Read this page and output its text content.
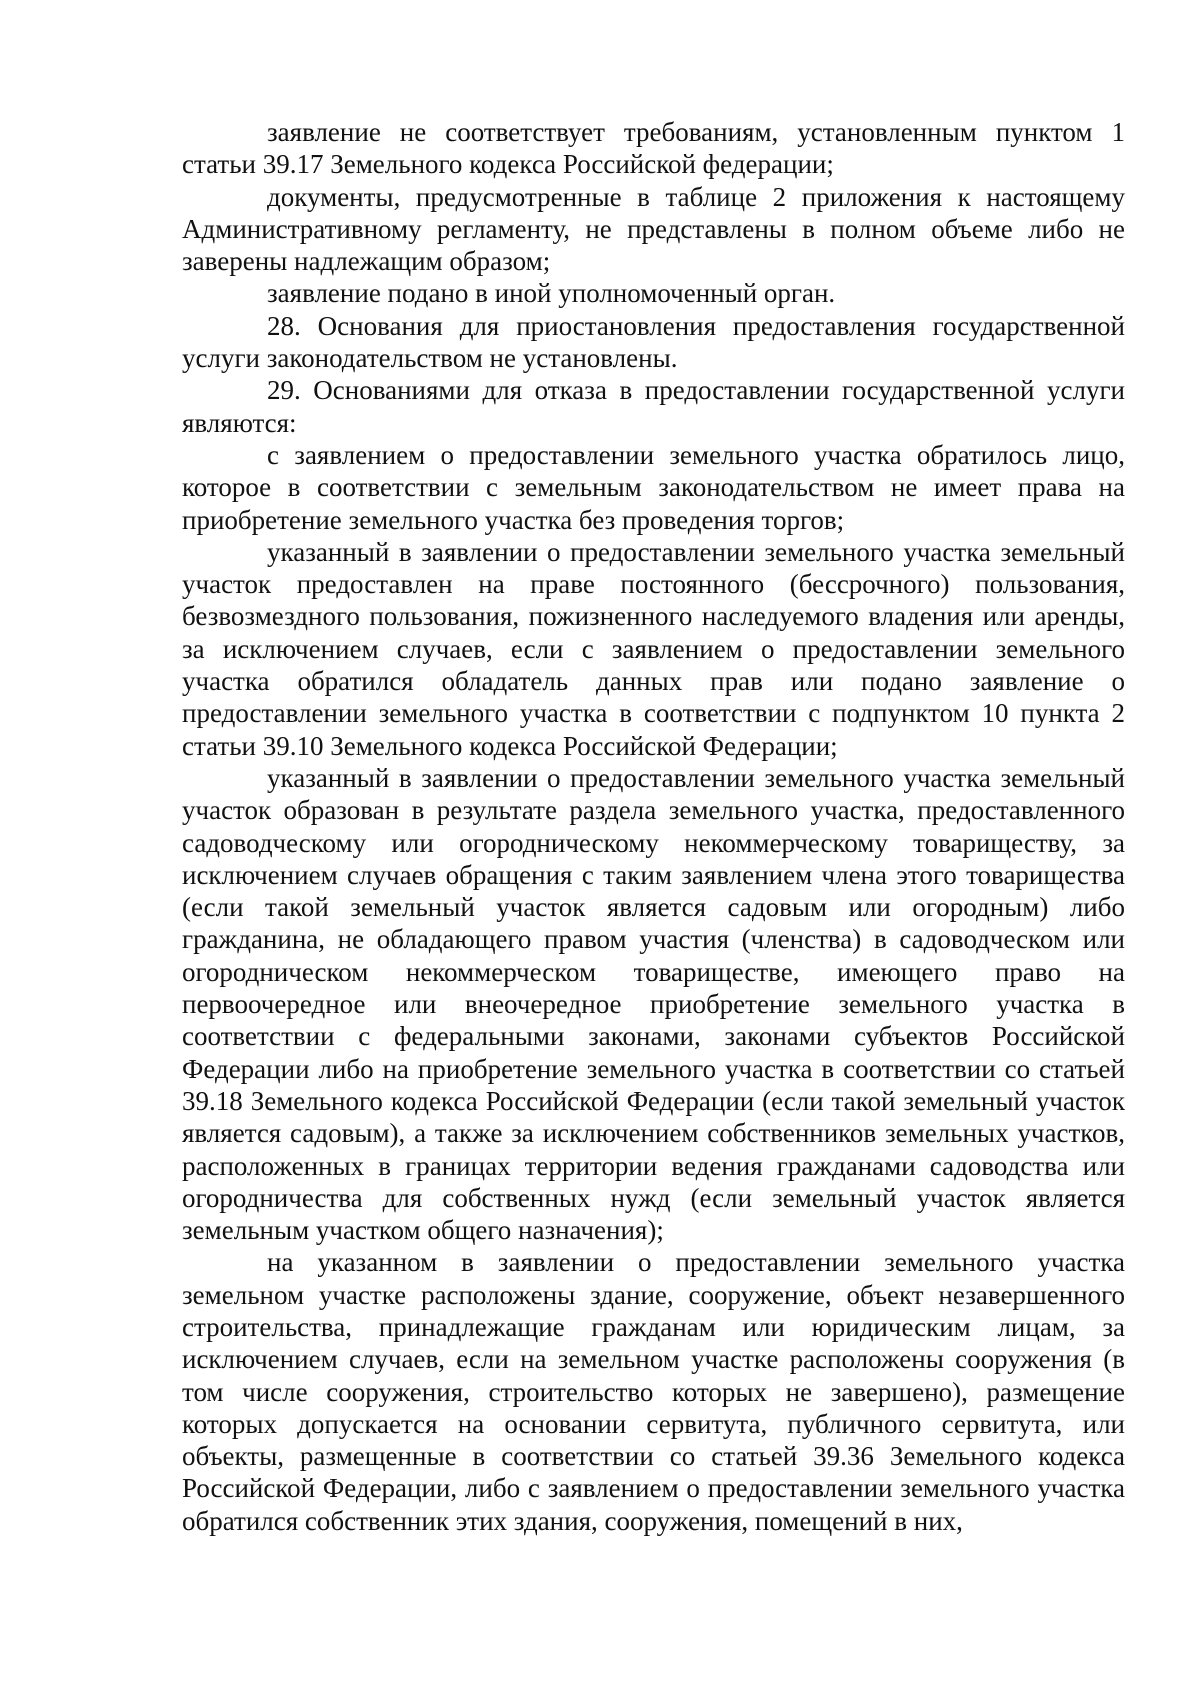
заявление не соответствует требованиям, установленным пунктом 1 статьи 39.17 Земельного кодекса Российской федерации;

документы, предусмотренные в таблице 2 приложения к настоящему Административному регламенту, не представлены в полном объеме либо не заверены надлежащим образом;

заявление подано в иной уполномоченный орган.

28. Основания для приостановления предоставления государственной услуги законодательством не установлены.

29. Основаниями для отказа в предоставлении государственной услуги являются:

с заявлением о предоставлении земельного участка обратилось лицо, которое в соответствии с земельным законодательством не имеет права на приобретение земельного участка без проведения торгов;

указанный в заявлении о предоставлении земельного участка земельный участок предоставлен на праве постоянного (бессрочного) пользования, безвозмездного пользования, пожизненного наследуемого владения или аренды, за исключением случаев, если с заявлением о предоставлении земельного участка обратился обладатель данных прав или подано заявление о предоставлении земельного участка в соответствии с подпунктом 10 пункта 2 статьи 39.10 Земельного кодекса Российской Федерации;

указанный в заявлении о предоставлении земельного участка земельный участок образован в результате раздела земельного участка, предоставленного садоводческому или огородническому некоммерческому товариществу, за исключением случаев обращения с таким заявлением члена этого товарищества (если такой земельный участок является садовым или огородным) либо гражданина, не обладающего правом участия (членства) в садоводческом или огородническом некоммерческом товариществе, имеющего право на первоочередное или внеочередное приобретение земельного участка в соответствии с федеральными законами, законами субъектов Российской Федерации либо на приобретение земельного участка в соответствии со статьей 39.18 Земельного кодекса Российской Федерации (если такой земельный участок является садовым), а также за исключением собственников земельных участков, расположенных в границах территории ведения гражданами садоводства или огородничества для собственных нужд (если земельный участок является земельным участком общего назначения);

на указанном в заявлении о предоставлении земельного участка земельном участке расположены здание, сооружение, объект незавершенного строительства, принадлежащие гражданам или юридическим лицам, за исключением случаев, если на земельном участке расположены сооружения (в том числе сооружения, строительство которых не завершено), размещение которых допускается на основании сервитута, публичного сервитута, или объекты, размещенные в соответствии со статьей 39.36 Земельного кодекса Российской Федерации, либо с заявлением о предоставлении земельного участка обратился собственник этих здания, сооружения, помещений в них,
